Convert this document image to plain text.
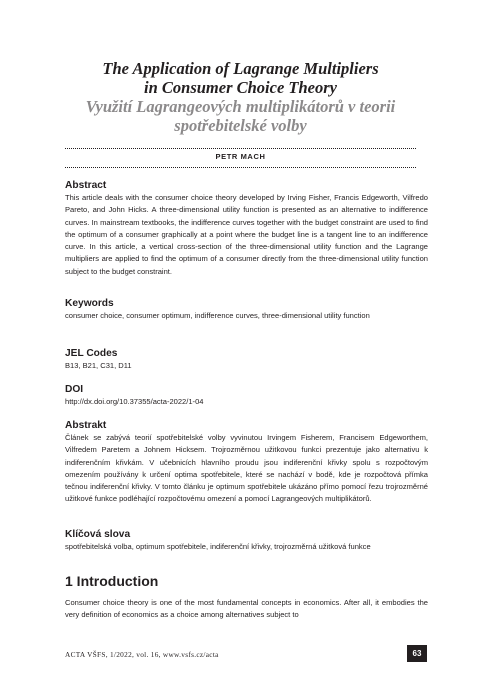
The Application of Lagrange Multipliers
in Consumer Choice Theory
Využití Lagrangeových multiplikátorů v teorii
spotřebitelské volby
PETR MACH
Abstract
This article deals with the consumer choice theory developed by Irving Fisher, Francis Edgeworth, Vilfredo Pareto, and John Hicks. A three-dimensional utility function is presented as an alternative to indifference curves. In mainstream textbooks, the indifference curves together with the budget constraint are used to find the optimum of a consumer graphically at a point where the budget line is a tangent line to an indifference curve. In this article, a vertical cross-section of the three-dimensional utility function and the Lagrange multipliers are applied to find the optimum of a consumer directly from the three-dimensional utility function subject to the budget constraint.
Keywords
consumer choice, consumer optimum, indifference curves, three-dimensional utility function
JEL Codes
B13, B21, C31, D11
DOI
http://dx.doi.org/10.37355/acta-2022/1-04
Abstrakt
Článek se zabývá teorií spotřebitelské volby vyvinutou Irvingem Fisherem, Francisem Edgeworthem, Vilfredem Paretem a Johnem Hicksem. Trojrozměrnou užitkovou funkci prezentuje jako alternativu k indiferenčním křivkám. V učebnicích hlavního proudu jsou indiferenční křivky spolu s rozpočtovým omezením používány k určení optima spotřebitele, které se nachází v bodě, kde je rozpočtová přímka tečnou indiferenční křivky. V tomto článku je optimum spotřebitele ukázáno přímo pomocí řezu trojrozměrné užitkové funkce podléhající rozpočtovému omezení a pomocí Lagrangeových multiplikátorů.
Klíčová slova
spotřebitelská volba, optimum spotřebitele, indiferenční křivky, trojrozměrná užitková funkce
1 Introduction
Consumer choice theory is one of the most fundamental concepts in economics. After all, it embodies the very definition of economics as a choice among alternatives subject to
ACTA VŠFS, 1/2022, vol. 16, www.vsfs.cz/acta	63
